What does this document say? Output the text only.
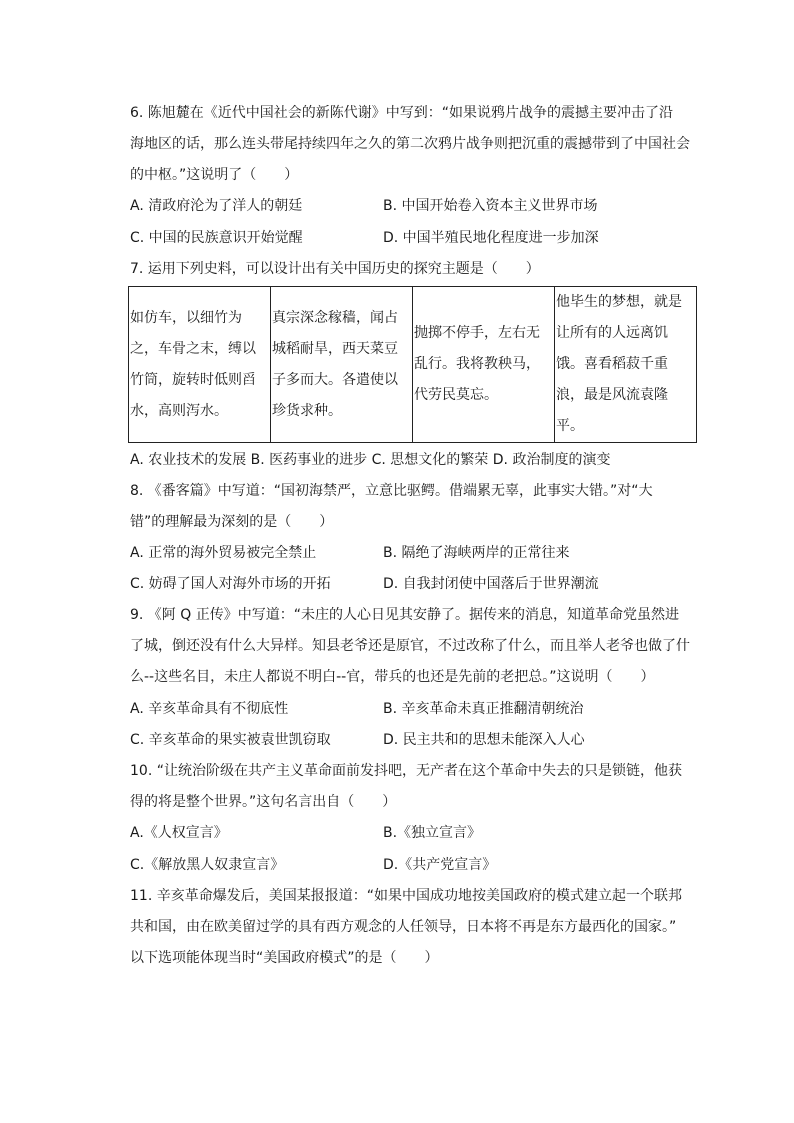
6. 陈旭麓在《近代中国社会的新陈代谢》中写到：“如果说鸦片战争的震撼主要冲击了沿
海地区的话，那么连头带尾持续四年之久的第二次鸦片战争则把沉重的震撼带到了中国社会
的中枢。”这说明了（　　）
A. 清政府沦为了洋人的朝廷	B. 中国开始卷入资本主义世界市场
C. 中国的民族意识开始觉醒	D. 中国半殖民地化程度进一步加深
7. 运用下列史料，可以设计出有关中国历史的探究主题是（　　）
如仿车，以细竹为之，车骨之末，缚以竹筒，旋转时低则舀水，高则泻水。	真宗深念稼穑，闻占城稻耐旱，西天菜豆子多而大。各遣使以珍货求种。	抛掷不停手，左右无乱行。我将教秧马，代劳民莫忘。	他毕生的梦想，就是让所有的人远离饥饿。喜看稻菽千重浪，最是风流袁隆平。
A. 农业技术的发展 B. 医药事业的进步 C. 思想文化的繁荣 D. 政治制度的演变
8. 《番客篇》中写道：“国初海禁严，立意比驱鳄。借端累无辜，此事实大错。”对“大
错”的理解最为深刻的是（　　）
A. 正常的海外贸易被完全禁止	B. 隔绝了海峡两岸的正常往来
C. 妨碍了国人对海外市场的开拓	D. 自我封闭使中国落后于世界潮流
9. 《阿 Q 正传》中写道：“未庄的人心日见其安静了。据传来的消息，知道革命党虽然进
了城，倒还没有什么大异样。知县老爷还是原官，不过改称了什么，而且举人老爷也做了什
么--这些名目，未庄人都说不明白--官，带兵的也还是先前的老把总。”这说明（　　）
A. 辛亥革命具有不彻底性	B. 辛亥革命未真正推翻清朝统治
C. 辛亥革命的果实被袁世凯窃取	D. 民主共和的思想未能深入人心
10. “让统治阶级在共产主义革命面前发抖吧，无产者在这个革命中失去的只是锁链，他获
得的将是整个世界。”这句名言出自（　　）
A.《人权宣言》	B.《独立宣言》
C.《解放黑人奴隶宣言》	D.《共产党宣言》
11. 辛亥革命爆发后，美国某报报道：“如果中国成功地按美国政府的模式建立起一个联邦
共和国，由在欧美留过学的具有西方观念的人任领导，日本将不再是东方最西化的国家。”
以下选项能体现当时“美国政府模式”的是（　　）
